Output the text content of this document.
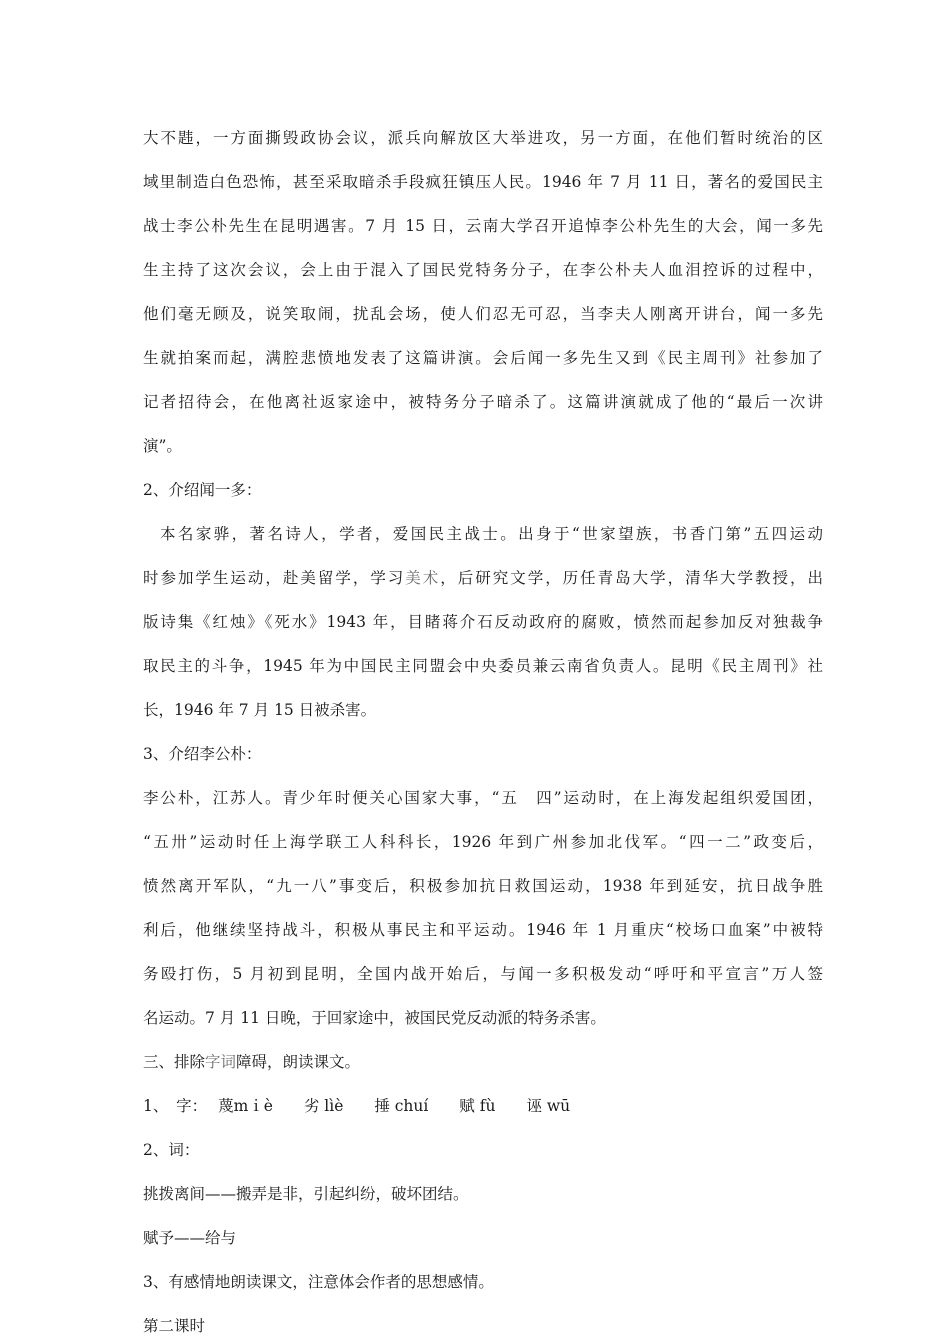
大不韪，一方面撕毁政协会议，派兵向解放区大举进攻，另一方面，在他们暂时统治的区
域里制造白色恐怖，甚至采取暗杀手段疯狂镇压人民。1946 年 7 月 11 日，著名的爱国民主
战士李公朴先生在昆明遇害。7 月 15 日，云南大学召开追悼李公朴先生的大会，闻一多先
生主持了这次会议，会上由于混入了国民党特务分子，在李公朴夫人血泪控诉的过程中，
他们毫无顾及，说笑取闹，扰乱会场，使人们忍无可忍，当李夫人刚离开讲台，闻一多先
生就拍案而起，满腔悲愤地发表了这篇讲演。会后闻一多先生又到《民主周刊》社参加了
记者招待会，在他离社返家途中，被特务分子暗杀了。这篇讲演就成了他的“最后一次讲
演”。
2、介绍闻一多：
本名家骅，著名诗人，学者，爱国民主战士。出身于“世家望族，书香门第”五四运动
时参加学生运动，赴美留学，学习美术，后研究文学，历任青岛大学，清华大学教授，出
版诗集《红烛》《死水》1943 年，目睹蒋介石反动政府的腐败，愤然而起参加反对独裁争
取民主的斗争，1945 年为中国民主同盟会中央委员兼云南省负责人。昆明《民主周刊》社
长，1946 年 7 月 15 日被杀害。
3、介绍李公朴：
李公朴，江苏人。青少年时便关心国家大事，“五　四”运动时，在上海发起组织爱国团，
“五卅”运动时任上海学联工人科科长，1926 年到广州参加北伐军。“四一二”政变后，
愤然离开军队，“九一八”事变后，积极参加抗日救国运动，1938 年到延安，抗日战争胜
利后，他继续坚持战斗，积极从事民主和平运动。1946 年 1 月重庆“校场口血案”中被特
务殴打伤，5 月初到昆明，全国内战开始后，与闻一多积极发动“呼吁和平宣言”万人签
名运动。7 月 11 日晚，于回家途中，被国民党反动派的特务杀害。
三、排除字词障碍，朗读课文。
1、　字： 蔑mｉè 劣 lìè 捶 chuí 赋 fù 诬 wū
2、词：
挑拨离间——搬弄是非，引起纠纷，破坏团结。
赋予——给与
3、有感情地朗读课文，注意体会作者的思想感情。
第二课时
